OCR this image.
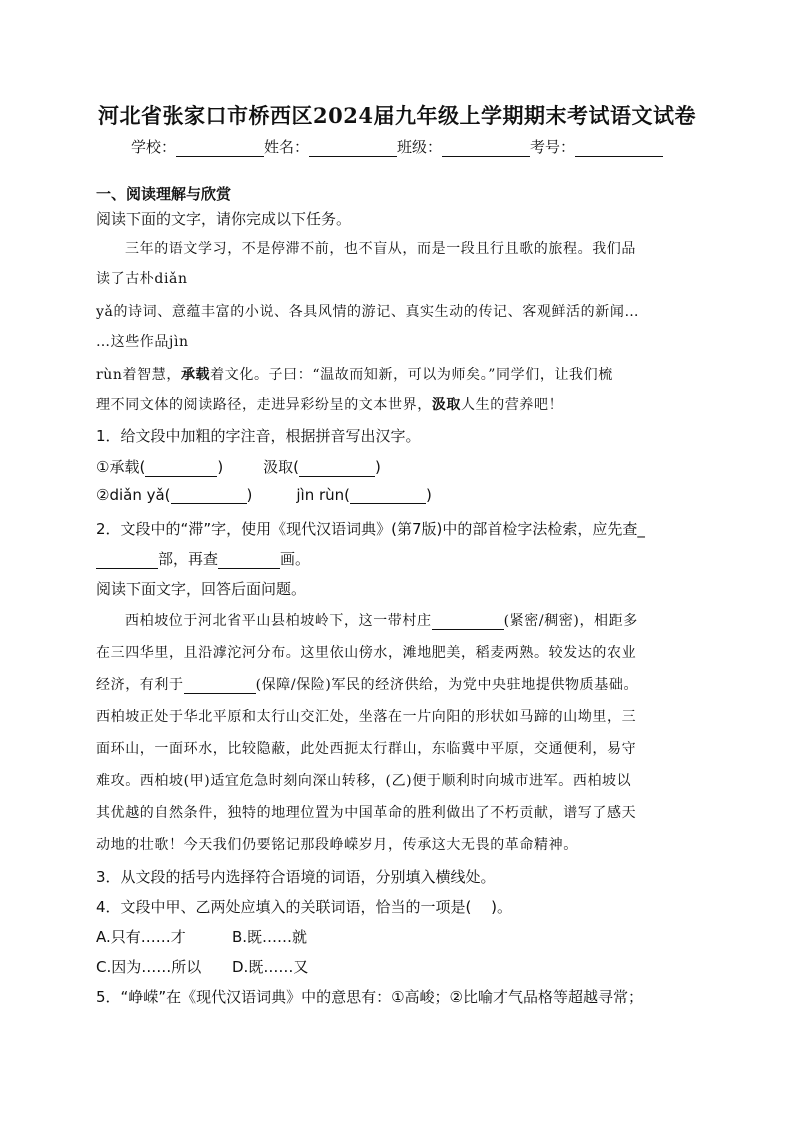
河北省张家口市桥西区2024届九年级上学期期末考试语文试卷
学校：	姓名：	班级：	考号：
一、阅读理解与欣赏
阅读下面的文字，请你完成以下任务。
三年的语文学习，不是停滞不前，也不盲从，而是一段且行且歌的旅程。我们品
读了古朴diǎn
yǎ的诗词、意蕴丰富的小说、各具风情的游记、真实生动的传记、客观鲜活的新闻…
…这些作品jìn
rùn着智慧，承载着文化。子曰：“温故而知新，可以为师矣。”同学们，让我们梳
理不同文体的阅读路径，走进异彩纷呈的文本世界，汲取人生的营养吧！
1．给文段中加粗的字注音，根据拼音写出汉字。
①承载(	)	汲取(	)
②diǎn yǎ(	)	jìn rùn(	)
2．文段中的“滞”字，使用《现代汉语词典》(第7版)中的部首检字法检索，应先查_
部，再查	画。
阅读下面文字，回答后面问题。
西柏坡位于河北省平山县柏坡岭下，这一带村庄	(紧密/稠密)，相距多
在三四华里，且沿滹沱河分布。这里依山傍水，滩地肥美，稻麦两熟。较发达的农业
经济，有利于	(保障/保险)军民的经济供给，为党中央驻地提供物质基础。
西柏坡正处于华北平原和太行山交汇处，坐落在一片向阳的形状如马蹄的山坳里，三
面环山，一面环水，比较隐蔽，此处西扼太行群山，东临冀中平原，交通便利，易守
难攻。西柏坡(甲)适宜危急时刻向深山转移，(乙)便于顺利时向城市进军。西柏坡以
其优越的自然条件，独特的地理位置为中国革命的胜利做出了不朽贡献，谱写了感天
动地的壮歌！今天我们仍要铭记那段峥嵘岁月，传承这大无畏的革命精神。
3．从文段的括号内选择符合语境的词语，分别填入横线处。
4．文段中甲、乙两处应填入的关联词语，恰当的一项是(　 )。
A.只有……才	B.既……就
C.因为……所以 D.既……又
5．“峥嵘”在《现代汉语词典》中的意思有：①高峻；②比喻才气品格等超越寻常；
